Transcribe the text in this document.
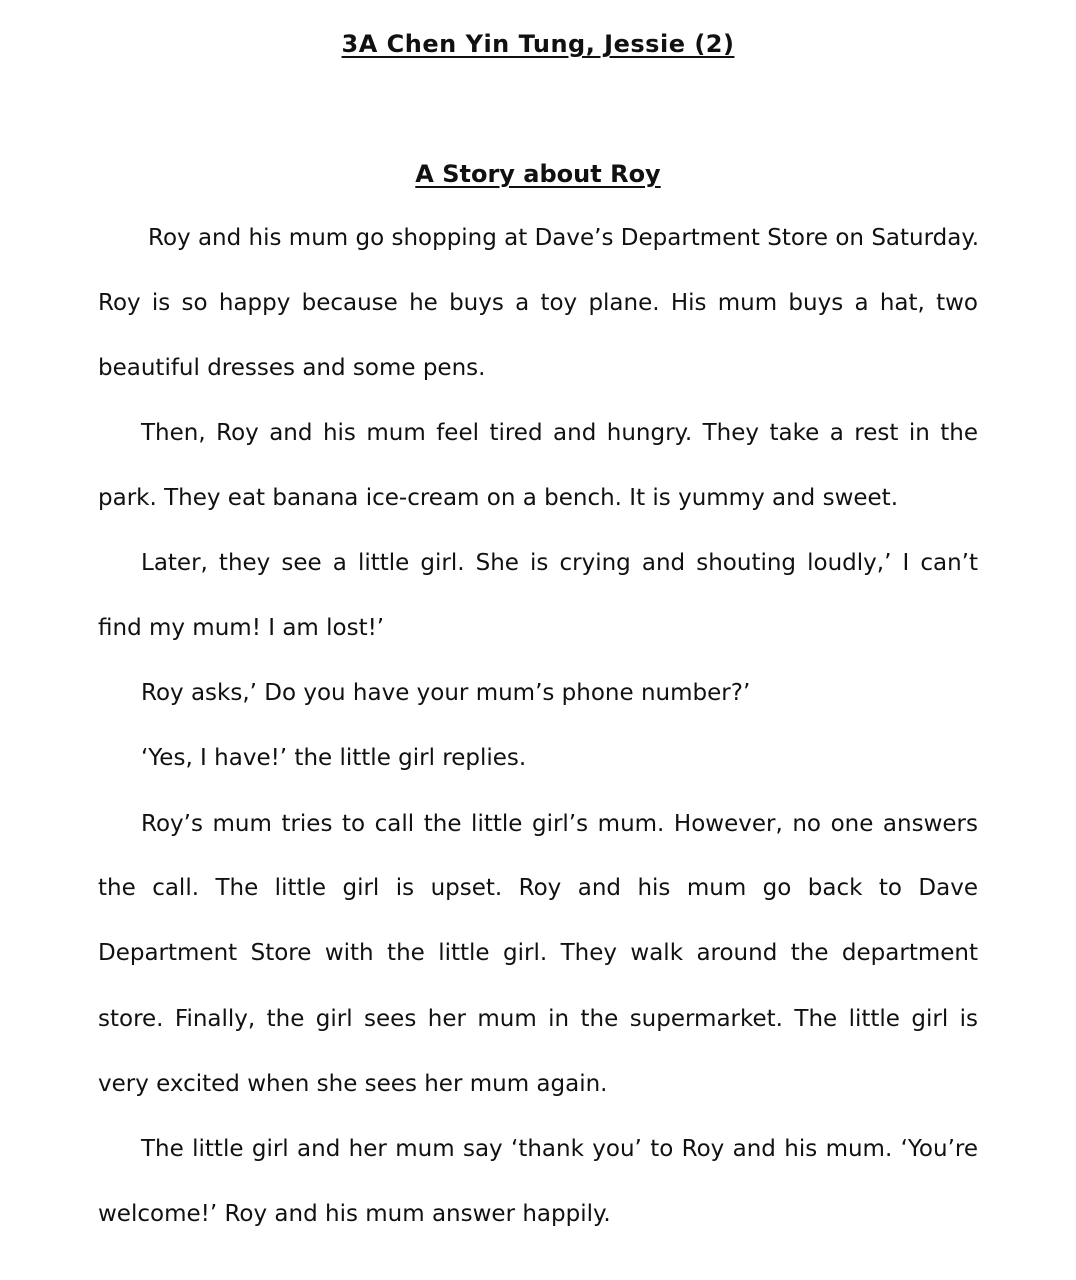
3A Chen Yin Tung, Jessie (2)
A Story about Roy
Roy and his mum go shopping at Dave’s Department Store on Saturday.
Roy is so happy because he buys a toy plane. His mum buys a hat, two
beautiful dresses and some pens.
Then, Roy and his mum feel tired and hungry. They take a rest in the
park. They eat banana ice-cream on a bench. It is yummy and sweet.
Later, they see a little girl. She is crying and shouting loudly,’ I can’t
find my mum! I am lost!’
Roy asks,’ Do you have your mum’s phone number?’
‘Yes, I have!’ the little girl replies.
Roy’s mum tries to call the little girl’s mum. However, no one answers
the call. The little girl is upset. Roy and his mum go back to Dave
Department Store with the little girl. They walk around the department
store. Finally, the girl sees her mum in the supermarket. The little girl is
very excited when she sees her mum again.
The little girl and her mum say ‘thank you’ to Roy and his mum. ‘You’re
welcome!’ Roy and his mum answer happily.
